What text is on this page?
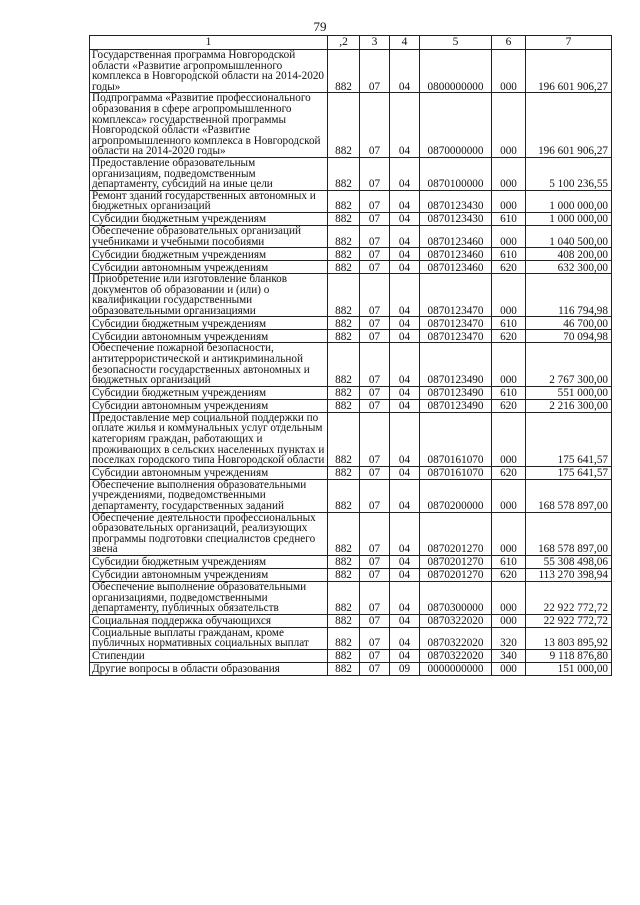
79
1	,2	3	4	5	6	7
Государственная программа Новгородской области «Развитие агропромышленного комплекса в Новгородской области на 2014-2020 годы»	882	07	04	0800000000	000	196 601 906,27
Подпрограмма «Развитие профессионального образования в сфере агропромышленного комплекса» государственной программы Новгородской области «Развитие агропромышленного комплекса в Новгородской области на 2014-2020 годы»	882	07	04	0870000000	000	196 601 906,27
Предоставление образовательным организациям, подведомственным департаменту, субсидий на иные цели	882	07	04	0870100000	000	5 100 236,55
Ремонт зданий государственных автономных и бюджетных организаций	882	07	04	0870123430	000	1 000 000,00
Субсидии бюджетным учреждениям	882	07	04	0870123430	610	1 000 000,00
Обеспечение образовательных организаций учебниками и учебными пособиями	882	07	04	0870123460	000	1 040 500,00
Субсидии бюджетным учреждениям	882	07	04	0870123460	610	408 200,00
Субсидии автономным учреждениям	882	07	04	0870123460	620	632 300,00
Приобретение или изготовление бланков документов об образовании и (или) о квалификации государственными образовательными организациями	882	07	04	0870123470	000	116 794,98
Субсидии бюджетным учреждениям	882	07	04	0870123470	610	46 700,00
Субсидии автономным учреждениям	882	07	04	0870123470	620	70 094,98
Обеспечение пожарной безопасности, антитеррористической и антикриминальной безопасности государственных автономных и бюджетных организаций	882	07	04	0870123490	000	2 767 300,00
Субсидии бюджетным учреждениям	882	07	04	0870123490	610	551 000,00
Субсидии автономным учреждениям	882	07	04	0870123490	620	2 216 300,00
Предоставление мер социальной поддержки по оплате жилья и коммунальных услуг отдельным категориям граждан, работающих и проживающих в сельских населенных пунктах и поселках городского типа Новгородской области	882	07	04	0870161070	000	175 641,57
Субсидии автономным учреждениям	882	07	04	0870161070	620	175 641,57
Обеспечение выполнения образовательными учреждениями, подведомственными департаменту, государственных заданий	882	07	04	0870200000	000	168 578 897,00
Обеспечение деятельности профессиональных образовательных организаций, реализующих программы подготовки специалистов среднего звена	882	07	04	0870201270	000	168 578 897,00
Субсидии бюджетным учреждениям	882	07	04	0870201270	610	55 308 498,06
Субсидии автономным учреждениям	882	07	04	0870201270	620	113 270 398,94
Обеспечение выполнение образовательными организациями, подведомственными департаменту, публичных обязательств	882	07	04	0870300000	000	22 922 772,72
Социальная поддержка обучающихся	882	07	04	0870322020	000	22 922 772,72
Социальные выплаты гражданам, кроме публичных нормативных социальных выплат	882	07	04	0870322020	320	13 803 895,92
Стипендии	882	07	04	0870322020	340	9 118 876,80
Другие вопросы в области образования	882	07	09	0000000000	000	151 000,00
